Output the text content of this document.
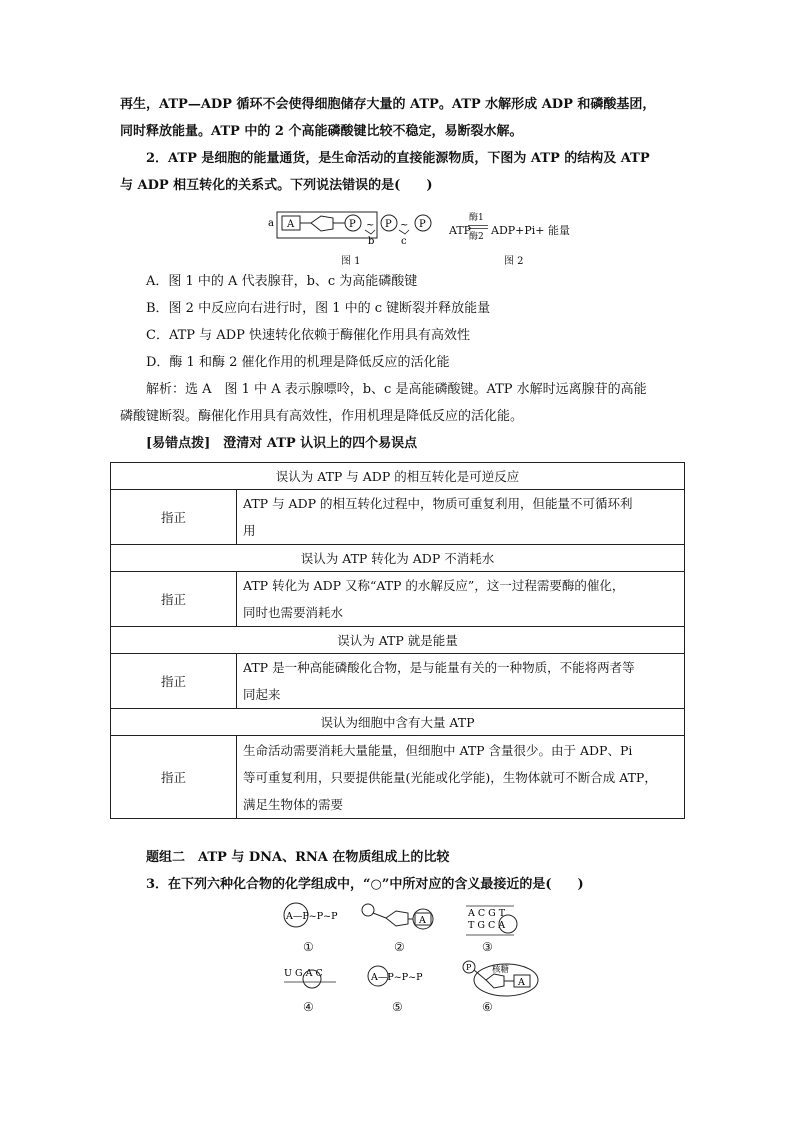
再生，ATP—ADP 循环不会使得细胞储存大量的 ATP。ATP 水解形成 ADP 和磷酸基团，
同时释放能量。ATP 中的 2 个高能磷酸键比较不稳定，易断裂水解。
2．ATP 是细胞的能量通货，是生命活动的直接能源物质，下图为 ATP 的结构及 ATP
与 ADP 相互转化的关系式。下列说法错误的是(　　)
a A	P ~ P ~ P
b	c
图 1
ATP
酶1
酶2 ADP+Pi+ 能量
图 2
A．图 1 中的 A 代表腺苷，b、c 为高能磷酸键
B．图 2 中反应向右进行时，图 1 中的 c 键断裂并释放能量
C．ATP 与 ADP 快速转化依赖于酶催化作用具有高效性
D．酶 1 和酶 2 催化作用的机理是降低反应的活化能
解析：选 A　图 1 中 A 表示腺嘌呤，b、c 是高能磷酸键。ATP 水解时远离腺苷的高能
磷酸键断裂。酶催化作用具有高效性，作用机理是降低反应的活化能。
[易错点拨]　澄清对 ATP 认识上的四个易误点
误认为 ATP 与 ADP 的相互转化是可逆反应	
指正	ATP 与 ADP 的相互转化过程中，物质可重复利用，但能量不可循环利
用
误认为 ATP 转化为 ADP 不消耗水	
指正	ATP 转化为 ADP 又称“ATP 的水解反应”，这一过程需要酶的催化，
同时也需要消耗水
误认为 ATP 就是能量	
指正	ATP 是一种高能磷酸化合物，是与能量有关的一种物质，不能将两者等
同起来
误认为细胞中含有大量 ATP	
指正	生命活动需要消耗大量能量，但细胞中 ATP 含量很少。由于 ADP、Pi
等可重复利用，只要提供能量(光能或化学能)，生物体就可不断合成 ATP，
满足生物体的需要
题组二　ATP 与 DNA、RNA 在物质组成上的比较
3．在下列六种化合物的化学组成中，“○”中所对应的含义最接近的是(　　)
A—P~P~P
①
A
②
A C G T
T G C A
③
U G A C
④
A—P~P~P
⑤
P 核糖
A
⑥
